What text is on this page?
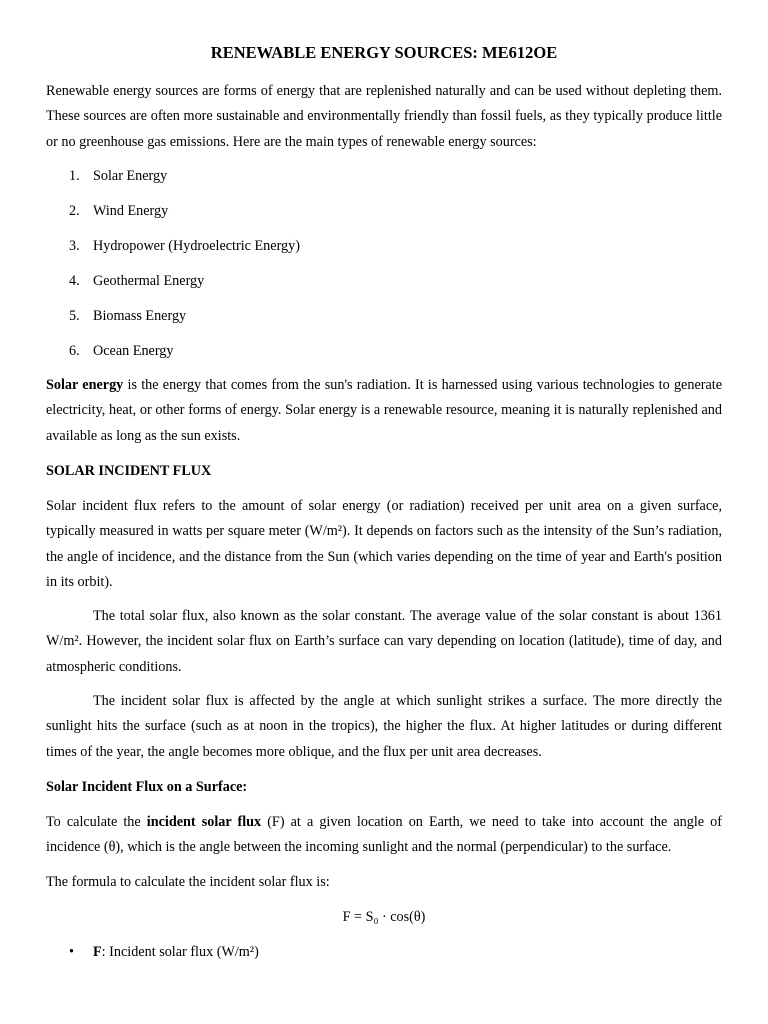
RENEWABLE ENERGY SOURCES: ME612OE

Renewable energy sources are forms of energy that are replenished naturally and can be used without depleting them. These sources are often more sustainable and environmentally friendly than fossil fuels, as they typically produce little or no greenhouse gas emissions. Here are the main types of renewable energy sources:

1. Solar Energy
2. Wind Energy
3. Hydropower (Hydroelectric Energy)
4. Geothermal Energy
5. Biomass Energy
6. Ocean Energy

Solar energy is the energy that comes from the sun's radiation. It is harnessed using various technologies to generate electricity, heat, or other forms of energy. Solar energy is a renewable resource, meaning it is naturally replenished and available as long as the sun exists.

SOLAR INCIDENT FLUX

Solar incident flux refers to the amount of solar energy (or radiation) received per unit area on a given surface, typically measured in watts per square meter (W/m²). It depends on factors such as the intensity of the Sun’s radiation, the angle of incidence, and the distance from the Sun (which varies depending on the time of year and Earth's position in its orbit).

The total solar flux, also known as the solar constant. The average value of the solar constant is about 1361 W/m². However, the incident solar flux on Earth’s surface can vary depending on location (latitude), time of day, and atmospheric conditions.

The incident solar flux is affected by the angle at which sunlight strikes a surface. The more directly the sunlight hits the surface (such as at noon in the tropics), the higher the flux. At higher latitudes or during different times of the year, the angle becomes more oblique, and the flux per unit area decreases.

Solar Incident Flux on a Surface:

To calculate the incident solar flux (F) at a given location on Earth, we need to take into account the angle of incidence (θ), which is the angle between the incoming sunlight and the normal (perpendicular) to the surface.

The formula to calculate the incident solar flux is:

F = S₀ · cos(θ)

• F: Incident solar flux (W/m²)
